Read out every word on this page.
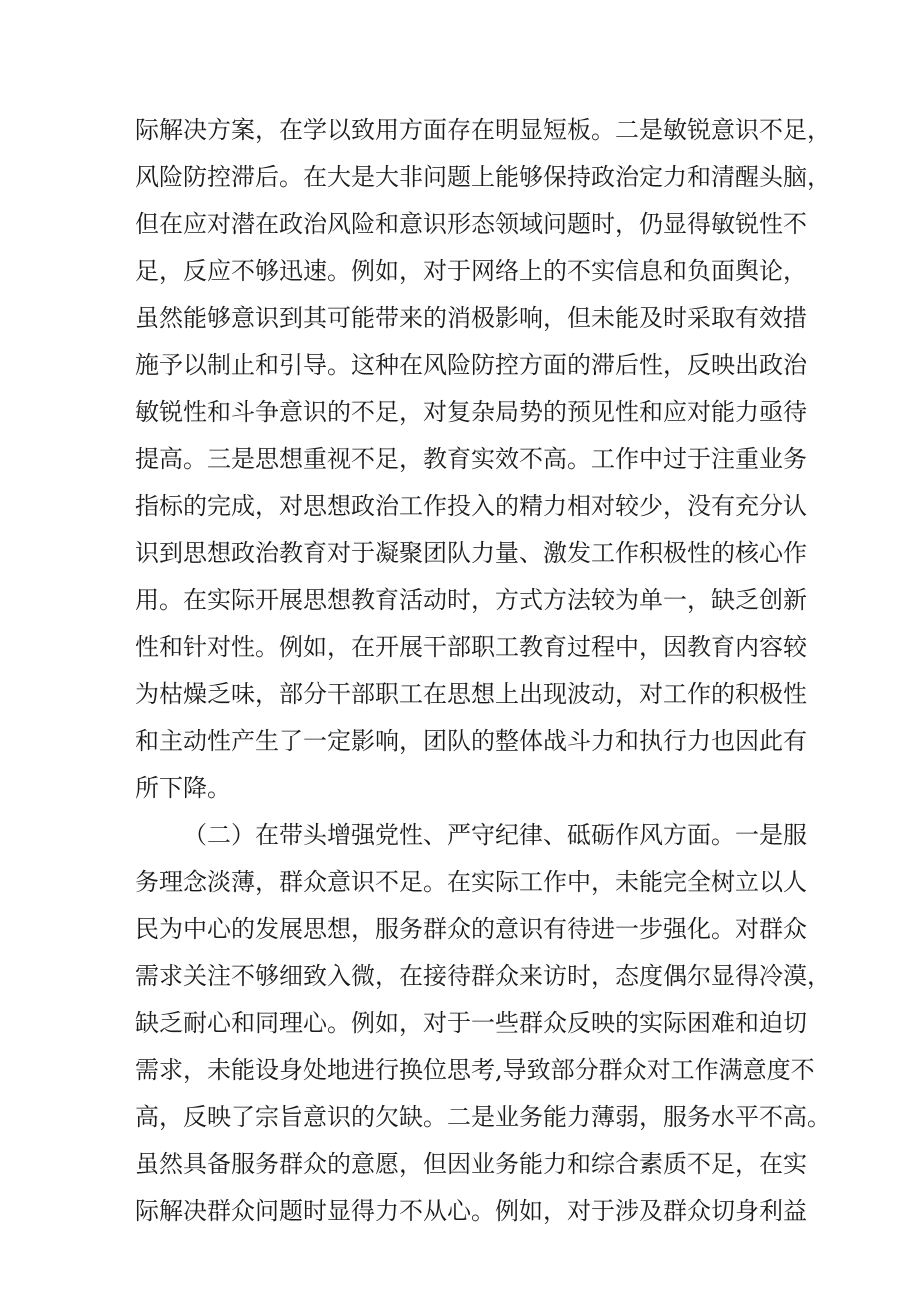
际解决方案，在学以致用方面存在明显短板。二是敏锐意识不足，
风险防控滞后。在大是大非问题上能够保持政治定力和清醒头脑，
但在应对潜在政治风险和意识形态领域问题时，仍显得敏锐性不
足，反应不够迅速。例如，对于网络上的不实信息和负面舆论，
虽然能够意识到其可能带来的消极影响，但未能及时采取有效措
施予以制止和引导。这种在风险防控方面的滞后性，反映出政治
敏锐性和斗争意识的不足，对复杂局势的预见性和应对能力亟待
提高。三是思想重视不足，教育实效不高。工作中过于注重业务
指标的完成，对思想政治工作投入的精力相对较少，没有充分认
识到思想政治教育对于凝聚团队力量、激发工作积极性的核心作
用。在实际开展思想教育活动时，方式方法较为单一，缺乏创新
性和针对性。例如，在开展干部职工教育过程中，因教育内容较
为枯燥乏味，部分干部职工在思想上出现波动，对工作的积极性
和主动性产生了一定影响，团队的整体战斗力和执行力也因此有
所下降。
（二）在带头增强党性、严守纪律、砥砺作风方面。一是服
务理念淡薄，群众意识不足。在实际工作中，未能完全树立以人
民为中心的发展思想，服务群众的意识有待进一步强化。对群众
需求关注不够细致入微，在接待群众来访时，态度偶尔显得冷漠，
缺乏耐心和同理心。例如，对于一些群众反映的实际困难和迫切
需求，未能设身处地进行换位思考,导致部分群众对工作满意度不
高，反映了宗旨意识的欠缺。二是业务能力薄弱，服务水平不高。
虽然具备服务群众的意愿，但因业务能力和综合素质不足，在实
际解决群众问题时显得力不从心。例如，对于涉及群众切身利益
